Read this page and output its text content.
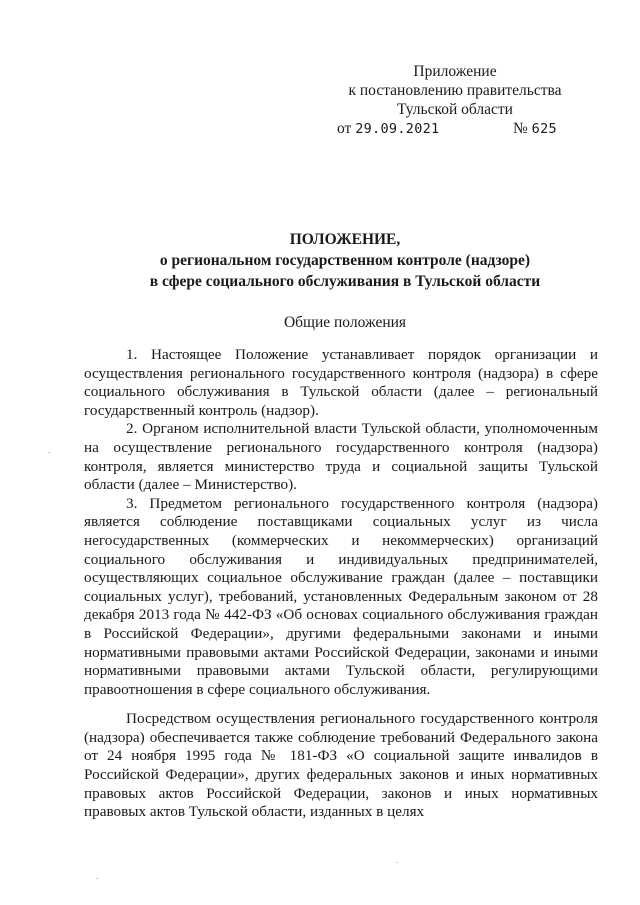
Приложение
к постановлению правительства
Тульской области
от 29.09.2021	№ 625
ПОЛОЖЕНИЕ,
о региональном государственном контроле (надзоре)
в сфере социального обслуживания в Тульской области
Общие положения

1. Настоящее Положение устанавливает порядок организации и осуществления регионального государственного контроля (надзора) в сфере социального обслуживания в Тульской области (далее – региональный государственный контроль (надзор).

2. Органом исполнительной власти Тульской области, уполномоченным на осуществление регионального государственного контроля (надзора) контроля, является министерство труда и социальной защиты Тульской области (далее – Министерство).

3. Предметом регионального государственного контроля (надзора) является соблюдение поставщиками социальных услуг из числа негосударственных (коммерческих и некоммерческих) организаций социального обслуживания и индивидуальных предпринимателей, осуществляющих социальное обслуживание граждан (далее – поставщики социальных услуг), требований, установленных Федеральным законом от 28 декабря 2013 года № 442-ФЗ «Об основах социального обслуживания граждан в Российской Федерации», другими федеральными законами и иными нормативными правовыми актами Российской Федерации, законами и иными нормативными правовыми актами Тульской области, регулирующими правоотношения в сфере социального обслуживания.

Посредством осуществления регионального государственного контроля (надзора) обеспечивается также соблюдение требований Федерального закона от 24 ноября 1995 года № 181-ФЗ «О социальной защите инвалидов в Российской Федерации», других федеральных законов и иных нормативных правовых актов Российской Федерации, законов и иных нормативных правовых актов Тульской области, изданных в целях
